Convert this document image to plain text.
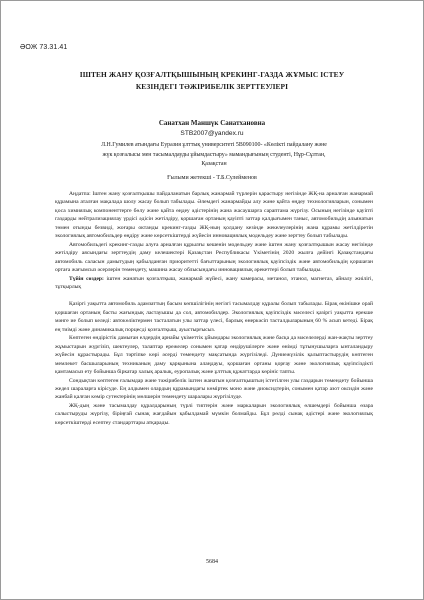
ӘОЖ 73.31.41
ІШТЕН ЖАНУ ҚОЗҒАЛТҚЫШЫНЫҢ КРЕКИНГ-ГАЗДА ЖҰМЫС ІСТЕУ
КЕЗІНДЕГІ ТӘЖІРИБЕЛІК ЗЕРТТЕУЛЕРІ
Санатхан Маншүк Санатхановна
STB2007@yandex.ru
Л.Н.Гумилев атындағы Еуразия ұлттық университеті 5В090100- «Көлікті пайдалану және
жүк қозғалысы мен тасымалдауды ұйымдастыру» мамандығының студенті, Нұр-Сұлтан,
Қазақстан
Ғылыми жетекші - Т.Б.Сулейменов

Аңдатпа: Іштен жану қозғалтқышы пайдаланатын барлық жанармай түрлерін қарастыру негізінде ЖҚ-на арналған жанармай құрамына аталған мақалада шолу жасау болып табылады. Әлемдегі жанармайды алу және қайта өңдеу технологияларын, сонымен қоса химиялық компоненттерге бөлу және қайта өңдеу әдістерінің жана жасаушарға сараптама жүргізу. Осының негізінде қауіпті газдарды нейтрализациялау үрдісі әдісін жетілдіру, қоршаған ортаның қауіпті заттар қалдығымен таныс, автомобильдің альянатын төмен отынды безвиді, жоғары октанды крекинг-газды ЖҚ-ның қолдану кезінде жекелеулерінің жана құрамы жетілдіретін экологиялық автомобильдер өңдіру және көрсеткіштерді жүйесін инновациялық модельдеу және зерттеу болып табылады.

Автомобильдегі крекинг-газды алуға арналған құрылғы кешенін модельдеу және іштен жану қозғалтқышын жасау негізінде жетілдіру аясындағы зерттеудің даму келешектері Қазақстан Республикасы Үкіметінің 2020 жылға дейінгі Қазақстандағы автомобиль саласын дамытудың қабылданған приоритетті бағыттарының экологиялық қауіпсіздік және автомобильдің қоршаған ортаға жағымсыз әсерлерін төмендету, машина жасау облысындағы инновациялық әрекеттері болып табылады.

Түйін сөздер: іштен жанатын қозғалтқыш, жанармай жүйесі, жану камерасы, метанол, этанол, магнетаз, айналу жиілігі, тұтқырлық

Қазіргі уақытта автомобиль адамзаттың басым көпшілігінің негізгі тасымалдау құралы болып табылады. Бірақ өкінішке орай қоршаған ортаның басты жағындық ластауышы да сол, автомобилдер. Экологиялық қауіпсіздік мәселесі қазіргі уақытта ерекше мәнге ие болып келеді: автокөліктермен тасталатын улы заттар үлесі, барлық өнеркәсіп тасталдыларының 60 % асып кетеді. Бірақ ең тиімді және динамикалық порцесді қозғалтқыш, ауыстырғысыз.

Көптеген өндірістік дамыған елдердің арнайы үкіметтік ұйымдары экологиялық және басқа да мәселелерді жан-жақты зерттеу жұмыстарын жүргізіп, шектеулер, талаптар ережелер сонымен қатар өндірушілерге және өнімді тұтынушыларға ынталандыру жүйесін құрастырады. Бұл тәртіпке көрі әсерді төмендету мақсатында жүргізіледі. Дүниежүзілік қалыптастырудің көптеген мемлекет басшыларының техниканың даму қарқынына алаңдауы, қоршаған ортаны қорғау және экологиялық қауіпсіздікті қамтамасыз ету бойынша біркатар халық аралық, еуропалық және ұлттық құжаттарда көрініс тапты.

Сондықтан көптеген ғалымдар және тәжірибелік іштен жанатын қозғалтқыштың істетілген улы газдарын төмендету бойынша жедел шараларға кірісуде. Ең алдымен олардың құрамындағы көміртек моно және диоксидтерін, сонымен қатар азот оксидін және жанбай қалған көмір сутектерінің мөлшерін төмендету шаралары жүргізілуде.

ЖҚ-дың және тасымалдау құралдарының түрлі типтерін және маркаларын экологиялық өлшемдері бойынша өзара салыстыруды жүргізу, біріңғай сынақ жағдайын қабылдамай мүмкін болмайды. Бұл рөлді сынақ әдістері және экологиялық көрсеткіштерді есептеу стандарттары атқарады.

5684
